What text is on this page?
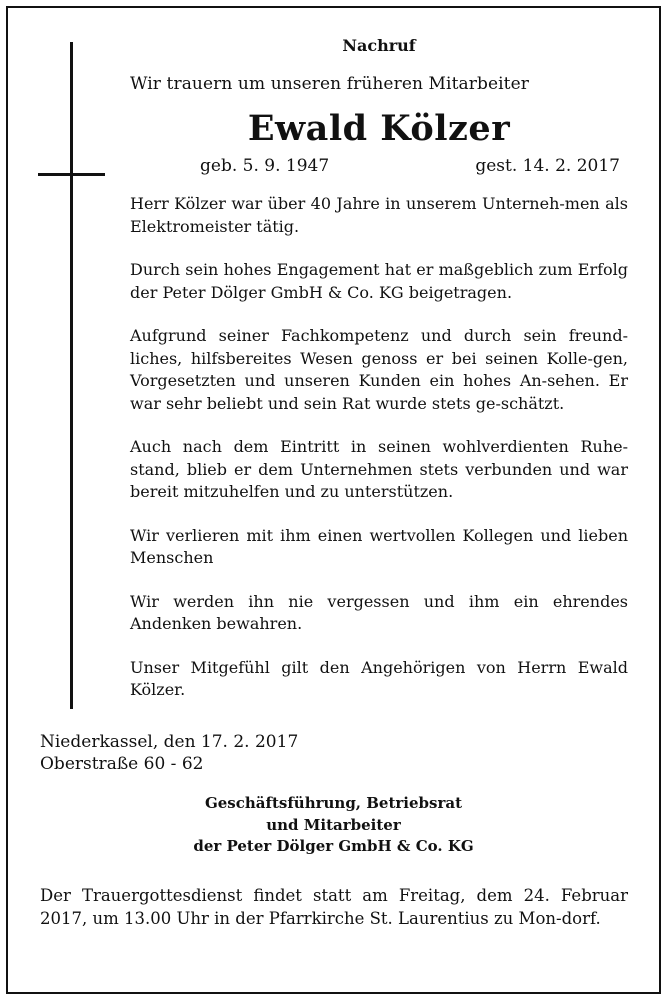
Nachruf
Wir trauern um unseren früheren Mitarbeiter
Ewald Kölzer
geb. 5. 9. 1947	gest. 14. 2. 2017

Herr Kölzer war über 40 Jahre in unserem Unterneh-men als Elektromeister tätig.

Durch sein hohes Engagement hat er maßgeblich zum Erfolg der Peter Dölger GmbH & Co. KG beigetragen.

Aufgrund seiner Fachkompetenz und durch sein freund-liches, hilfsbereites Wesen genoss er bei seinen Kolle-gen, Vorgesetzten und unseren Kunden ein hohes An-sehen. Er war sehr beliebt und sein Rat wurde stets ge-schätzt.

Auch nach dem Eintritt in seinen wohlverdienten Ruhe-stand, blieb er dem Unternehmen stets verbunden und war bereit mitzuhelfen und zu unterstützen.

Wir verlieren mit ihm einen wertvollen Kollegen und lieben Menschen

Wir werden ihn nie vergessen und ihm ein ehrendes Andenken bewahren.

Unser Mitgefühl gilt den Angehörigen von Herrn Ewald Kölzer.

Niederkassel, den 17. 2. 2017
Oberstraße 60 - 62
Geschäftsführung, Betriebsrat
und Mitarbeiter
der Peter Dölger GmbH & Co. KG
Der Trauergottesdienst findet statt am Freitag, dem 24. Februar 2017, um 13.00 Uhr in der Pfarrkirche St. Laurentius zu Mon-dorf.
